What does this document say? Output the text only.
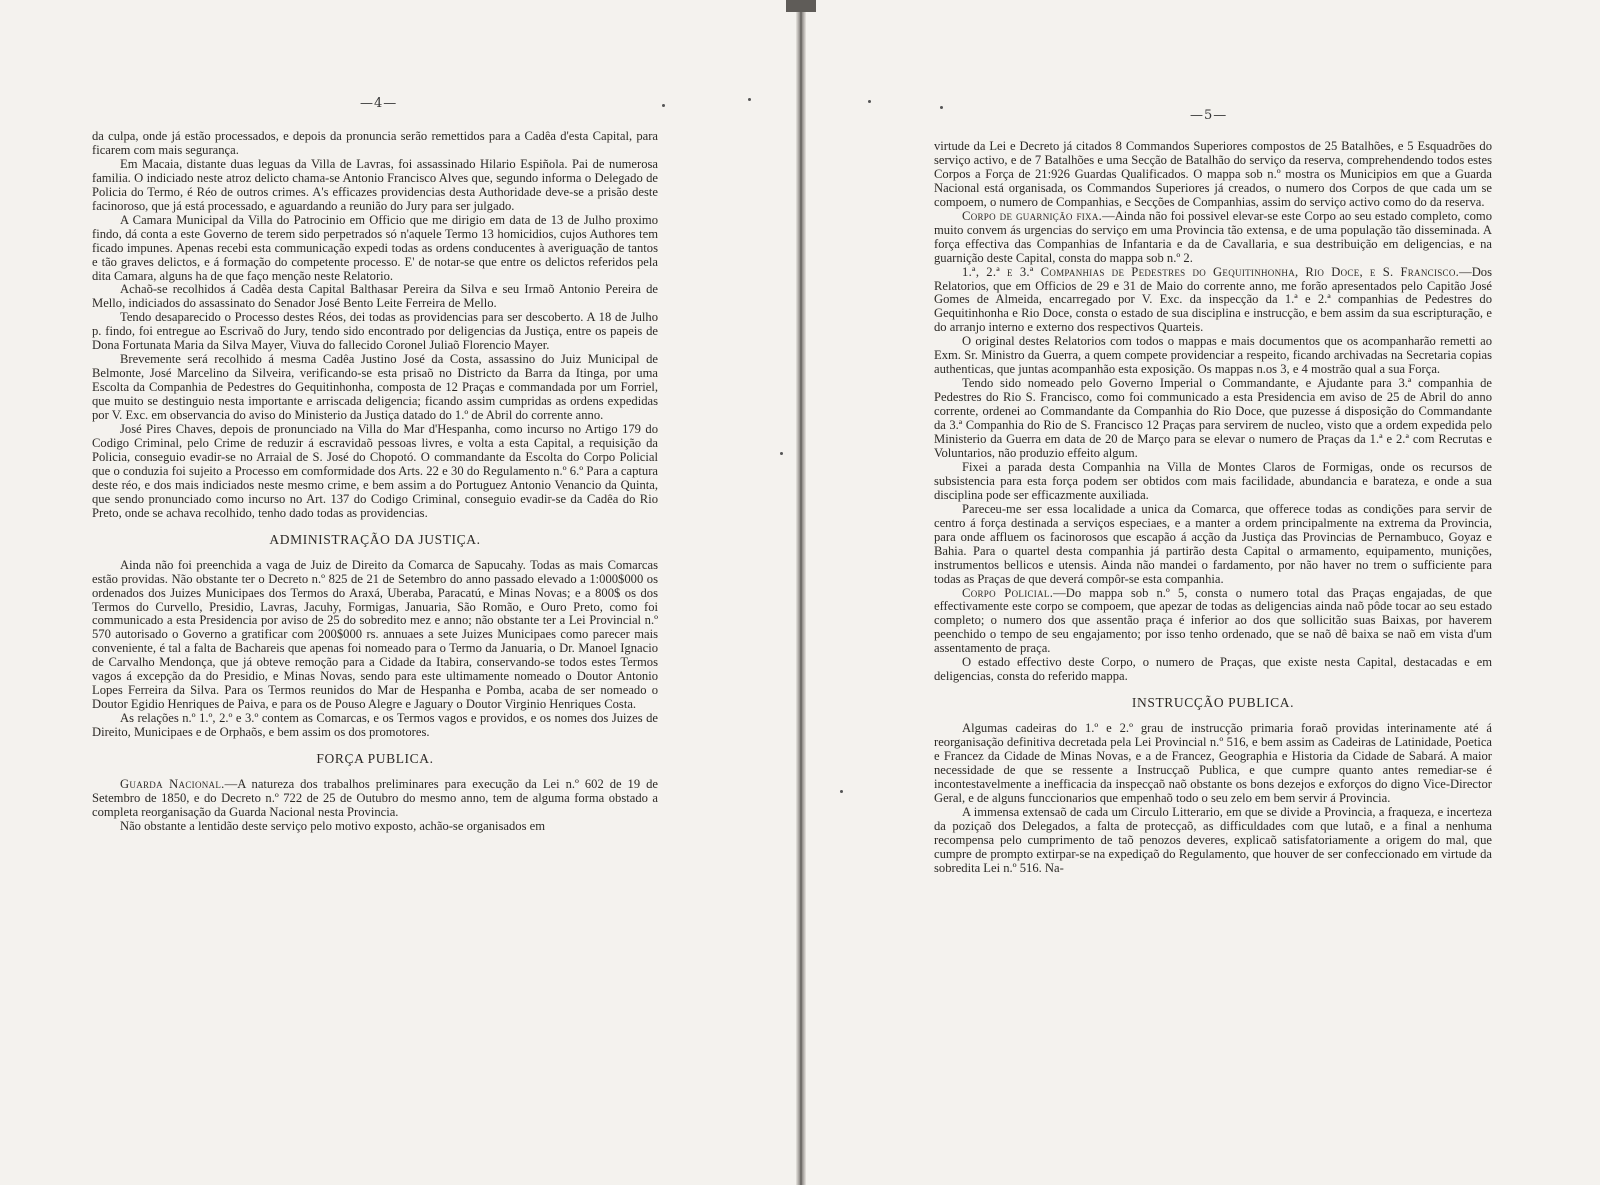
—4—

da culpa, onde já estão processados, e depois da pronuncia serão remettidos para a Cadêa d'esta Capital, para ficarem com mais segurança.

Em Macaia, distante duas leguas da Villa de Lavras, foi assassinado Hilario Espiñola. Pai de numerosa familia. O indiciado neste atroz delicto chama-se Antonio Francisco Alves que, segundo informa o Delegado de Policia do Termo, é Réo de outros crimes. A's efficazes providencias desta Authoridade deve-se a prisão deste facinoroso, que já está processado, e aguardando a reunião do Jury para ser julgado.

A Camara Municipal da Villa do Patrocinio em Officio que me dirigio em data de 13 de Julho proximo findo, dá conta a este Governo de terem sido perpetrados só n'aquele Termo 13 homicidios, cujos Authores tem ficado impunes. Apenas recebi esta communicação expedi todas as ordens conducentes à averiguação de tantos e tão graves delictos, e á formação do competente processo. E' de notar-se que entre os delictos referidos pela dita Camara, alguns ha de que faço menção neste Relatorio.

Achaõ-se recolhidos á Cadêa desta Capital Balthasar Pereira da Silva e seu Irmaõ Antonio Pereira de Mello, indiciados do assassinato do Senador José Bento Leite Ferreira de Mello.

Tendo desaparecido o Processo destes Réos, dei todas as providencias para ser descoberto. A 18 de Julho p. findo, foi entregue ao Escrivaõ do Jury, tendo sido encontrado por deligencias da Justiça, entre os papeis de Dona Fortunata Maria da Silva Mayer, Viuva do fallecido Coronel Juliaõ Florencio Mayer.

Brevemente será recolhido á mesma Cadêa Justino José da Costa, assassino do Juiz Municipal de Belmonte, José Marcelino da Silveira, verificando-se esta prisaõ no Districto da Barra da Itinga, por uma Escolta da Companhia de Pedestres do Gequitinhonha, composta de 12 Praças e commandada por um Forriel, que muito se destinguio nesta importante e arriscada deligencia; ficando assim cumpridas as ordens expedidas por V. Exc. em observancia do aviso do Ministerio da Justiça datado do 1.º de Abril do corrente anno.

José Pires Chaves, depois de pronunciado na Villa do Mar d'Hespanha, como incurso no Artigo 179 do Codigo Criminal, pelo Crime de reduzir á escravidaõ pessoas livres, e volta a esta Capital, a requisição da Policia, conseguio evadir-se no Arraial de S. José do Chopotó. O commandante da Escolta do Corpo Policial que o conduzia foi sujeito a Processo em comformidade dos Arts. 22 e 30 do Regulamento n.º 6.º Para a captura deste réo, e dos mais indiciados neste mesmo crime, e bem assim a do Portuguez Antonio Venancio da Quinta, que sendo pronunciado como incurso no Art. 137 do Codigo Criminal, conseguio evadir-se da Cadêa do Rio Preto, onde se achava recolhido, tenho dado todas as providencias.

ADMINISTRAÇÃO DA JUSTIÇA.

Ainda não foi preenchida a vaga de Juiz de Direito da Comarca de Sapucahy. Todas as mais Comarcas estão providas. Não obstante ter o Decreto n.º 825 de 21 de Setembro do anno passado elevado a 1:000$000 os ordenados dos Juizes Municipaes dos Termos do Araxá, Uberaba, Paracatú, e Minas Novas; e a 800$ os dos Termos do Curvello, Presidio, Lavras, Jacuhy, Formigas, Januaria, São Romão, e Ouro Preto, como foi communicado a esta Presidencia por aviso de 25 do sobredito mez e anno; não obstante ter a Lei Provincial n.º 570 autorisado o Governo a gratificar com 200$000 rs. annuaes a sete Juizes Municipaes como parecer mais conveniente, é tal a falta de Bachareis que apenas foi nomeado para o Termo da Januaria, o Dr. Manoel Ignacio de Carvalho Mendonça, que já obteve remoção para a Cidade da Itabira, conservando-se todos estes Termos vagos á excepção da do Presidio, e Minas Novas, sendo para este ultimamente nomeado o Doutor Antonio Lopes Ferreira da Silva. Para os Termos reunidos do Mar de Hespanha e Pomba, acaba de ser nomeado o Doutor Egidio Henriques de Paiva, e para os de Pouso Alegre e Jaguary o Doutor Virginio Henriques Costa.

As relações n.º 1.º, 2.º e 3.º contem as Comarcas, e os Termos vagos e providos, e os nomes dos Juizes de Direito, Municipaes e de Orphaõs, e bem assim os dos promotores.

FORÇA PUBLICA.

Guarda Nacional.—A natureza dos trabalhos preliminares para execução da Lei n.º 602 de 19 de Setembro de 1850, e do Decreto n.º 722 de 25 de Outubro do mesmo anno, tem de alguma forma obstado a completa reorganisação da Guarda Nacional nesta Provincia.

Não obstante a lentidão deste serviço pelo motivo exposto, achão-se organisados em

—5—

virtude da Lei e Decreto já citados 8 Commandos Superiores compostos de 25 Batalhões, e 5 Esquadrões do serviço activo, e de 7 Batalhões e uma Secção de Batalhão do serviço da reserva, comprehendendo todos estes Corpos a Força de 21:926 Guardas Qualificados. O mappa sob n.º mostra os Municipios em que a Guarda Nacional está organisada, os Commandos Superiores já creados, o numero dos Corpos de que cada um se compoem, o numero de Companhias, e Secções de Companhias, assim do serviço activo como do da reserva.

Corpo de guarnição fixa.—Ainda não foi possivel elevar-se este Corpo ao seu estado completo, como muito convem ás urgencias do serviço em uma Provincia tão extensa, e de uma população tão disseminada. A força effectiva das Companhias de Infantaria e da de Cavallaria, e sua destribuição em deligencias, e na guarnição deste Capital, consta do mappa sob n.º 2.

1.ª, 2.ª e 3.ª Companhias de Pedestres do Gequitinhonha, Rio Doce, e S. Francisco.—Dos Relatorios, que em Officios de 29 e 31 de Maio do corrente anno, me forão apresentados pelo Capitão José Gomes de Almeida, encarregado por V. Exc. da inspecção da 1.ª e 2.ª companhias de Pedestres do Gequitinhonha e Rio Doce, consta o estado de sua disciplina e instrucção, e bem assim da sua escripturação, e do arranjo interno e externo dos respectivos Quarteis.

O original destes Relatorios com todos o mappas e mais documentos que os acompanharão remetti ao Exm. Sr. Ministro da Guerra, a quem compete providenciar a respeito, ficando archivadas na Secretaria copias authenticas, que juntas acompanhão esta exposição. Os mappas n.os 3, e 4 mostrão qual a sua Força.

Tendo sido nomeado pelo Governo Imperial o Commandante, e Ajudante para 3.ª companhia de Pedestres do Rio S. Francisco, como foi communicado a esta Presidencia em aviso de 25 de Abril do anno corrente, ordenei ao Commandante da Companhia do Rio Doce, que puzesse á disposição do Commandante da 3.ª Companhia do Rio de S. Francisco 12 Praças para servirem de nucleo, visto que a ordem expedida pelo Ministerio da Guerra em data de 20 de Março para se elevar o numero de Praças da 1.ª e 2.ª com Recrutas e Voluntarios, não produzio effeito algum.

Fixei a parada desta Companhia na Villa de Montes Claros de Formigas, onde os recursos de subsistencia para esta força podem ser obtidos com mais facilidade, abundancia e barateza, e onde a sua disciplina pode ser efficazmente auxiliada.

Pareceu-me ser essa localidade a unica da Comarca, que offerece todas as condições para servir de centro á força destinada a serviços especiaes, e a manter a ordem principalmente na extrema da Provincia, para onde affluem os facinorosos que escapão á acção da Justiça das Provincias de Pernambuco, Goyaz e Bahia. Para o quartel desta companhia já partirão desta Capital o armamento, equipamento, munições, instrumentos bellicos e utensis. Ainda não mandei o fardamento, por não haver no trem o sufficiente para todas as Praças de que deverá compôr-se esta companhia.

Corpo Policial.—Do mappa sob n.º 5, consta o numero total das Praças engajadas, de que effectivamente este corpo se compoem, que apezar de todas as deligencias ainda naõ pôde tocar ao seu estado completo; o numero dos que assentão praça é inferior ao dos que sollicitão suas Baixas, por haverem peenchido o tempo de seu engajamento; por isso tenho ordenado, que se naõ dê baixa se naõ em vista d'um assentamento de praça.

O estado effectivo deste Corpo, o numero de Praças, que existe nesta Capital, destacadas e em deligencias, consta do referido mappa.

INSTRUCÇÃO PUBLICA.

Algumas cadeiras do 1.º e 2.º grau de instrucção primaria foraõ providas interinamente até á reorganisação definitiva decretada pela Lei Provincial n.º 516, e bem assim as Cadeiras de Latinidade, Poetica e Francez da Cidade de Minas Novas, e a de Francez, Geographia e Historia da Cidade de Sabará. A maior necessidade de que se ressente a Instrucçaõ Publica, e que cumpre quanto antes remediar-se é incontestavelmente a inefficacia da inspecçaõ naõ obstante os bons dezejos e exforços do digno Vice-Director Geral, e de alguns funccionarios que empenhaõ todo o seu zelo em bem servir á Provincia.

A immensa extensaõ de cada um Circulo Litterario, em que se divide a Provincia, a fraqueza, e incerteza da poziçaõ dos Delegados, a falta de protecçaõ, as difficuldades com que lutaõ, e a final a nenhuma recompensa pelo cumprimento de taõ penozos deveres, explicaõ satisfatoriamente a origem do mal, que cumpre de prompto extirpar-se na expediçaõ do Regulamento, que houver de ser confeccionado em virtude da sobredita Lei n.º 516. Na-
